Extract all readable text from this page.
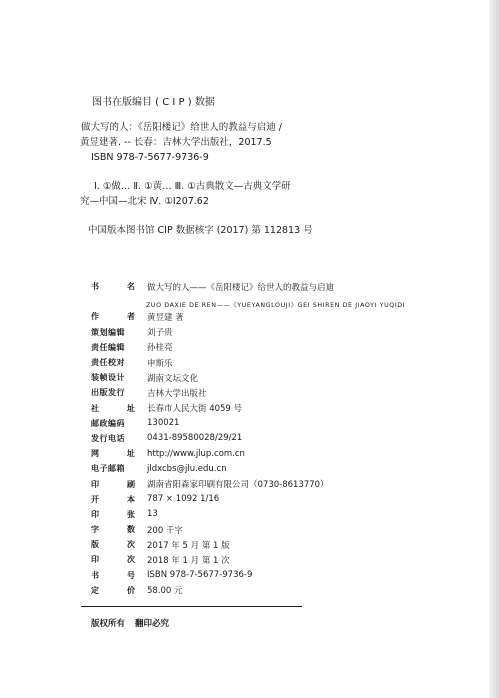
图书在版编目 ( C I P ) 数据
做大写的人：《岳阳楼记》给世人的教益与启迪 /
黄昱建著. -- 长春：吉林大学出版社，2017.5
ISBN 978-7-5677-9736-9
Ⅰ. ①做… Ⅱ. ①黄… Ⅲ. ①古典散文—古典文学研
究—中国—北宋 Ⅳ. ①I207.62
中国版本图书馆 CIP 数据核字 (2017) 第 112813 号
书	名 做大写的人——《岳阳楼记》给世人的教益与启迪
作	者 黄昱建 著
策划编辑	刘子贵
责任编辑	孙桂亮
责任校对	申斯乐
装帧设计	湖南文坛文化
出版发行	吉林大学出版社
社	址 长春市人民大街 4059 号
邮政编码	130021
发行电话	0431-89580028/29/21
网	址 http://www.jlup.com.cn
电子邮箱	jldxcbs@jlu.edu.cn
印	刷 湖南省阳森家印刷有限公司（0730-8613770）
开	本 787 × 1092 1/16
印	张 13
字	数 200 千字
版	次 2017 年 5 月 第 1 版
印	次 2018 年 1 月 第 1 次
书	号 ISBN 978-7-5677-9736-9
定	价 58.00 元
ZUO DAXIE DE REN——《YUEYANGLOUJI》GEI SHIREN DE JIAOYI YUQIDI
版权所有 翻印必究
